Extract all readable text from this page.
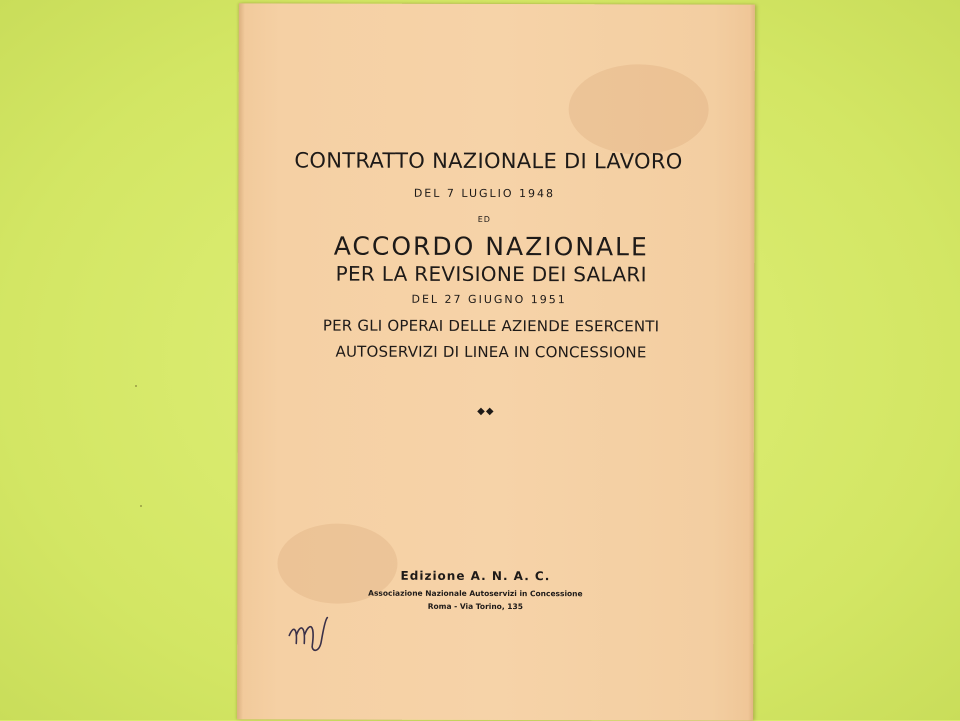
CONTRATTO NAZIONALE DI LAVORO
DEL 7 LUGLIO 1948
ED
ACCORDO NAZIONALE
PER LA REVISIONE DEI SALARI
DEL 27 GIUGNO 1951
PER GLI OPERAI DELLE AZIENDE ESERCENTI
AUTOSERVIZI DI LINEA IN CONCESSIONE
◆◆
Edizione A. N. A. C.
Associazione Nazionale Autoservizi in Concessione
Roma - Via Torino, 135
